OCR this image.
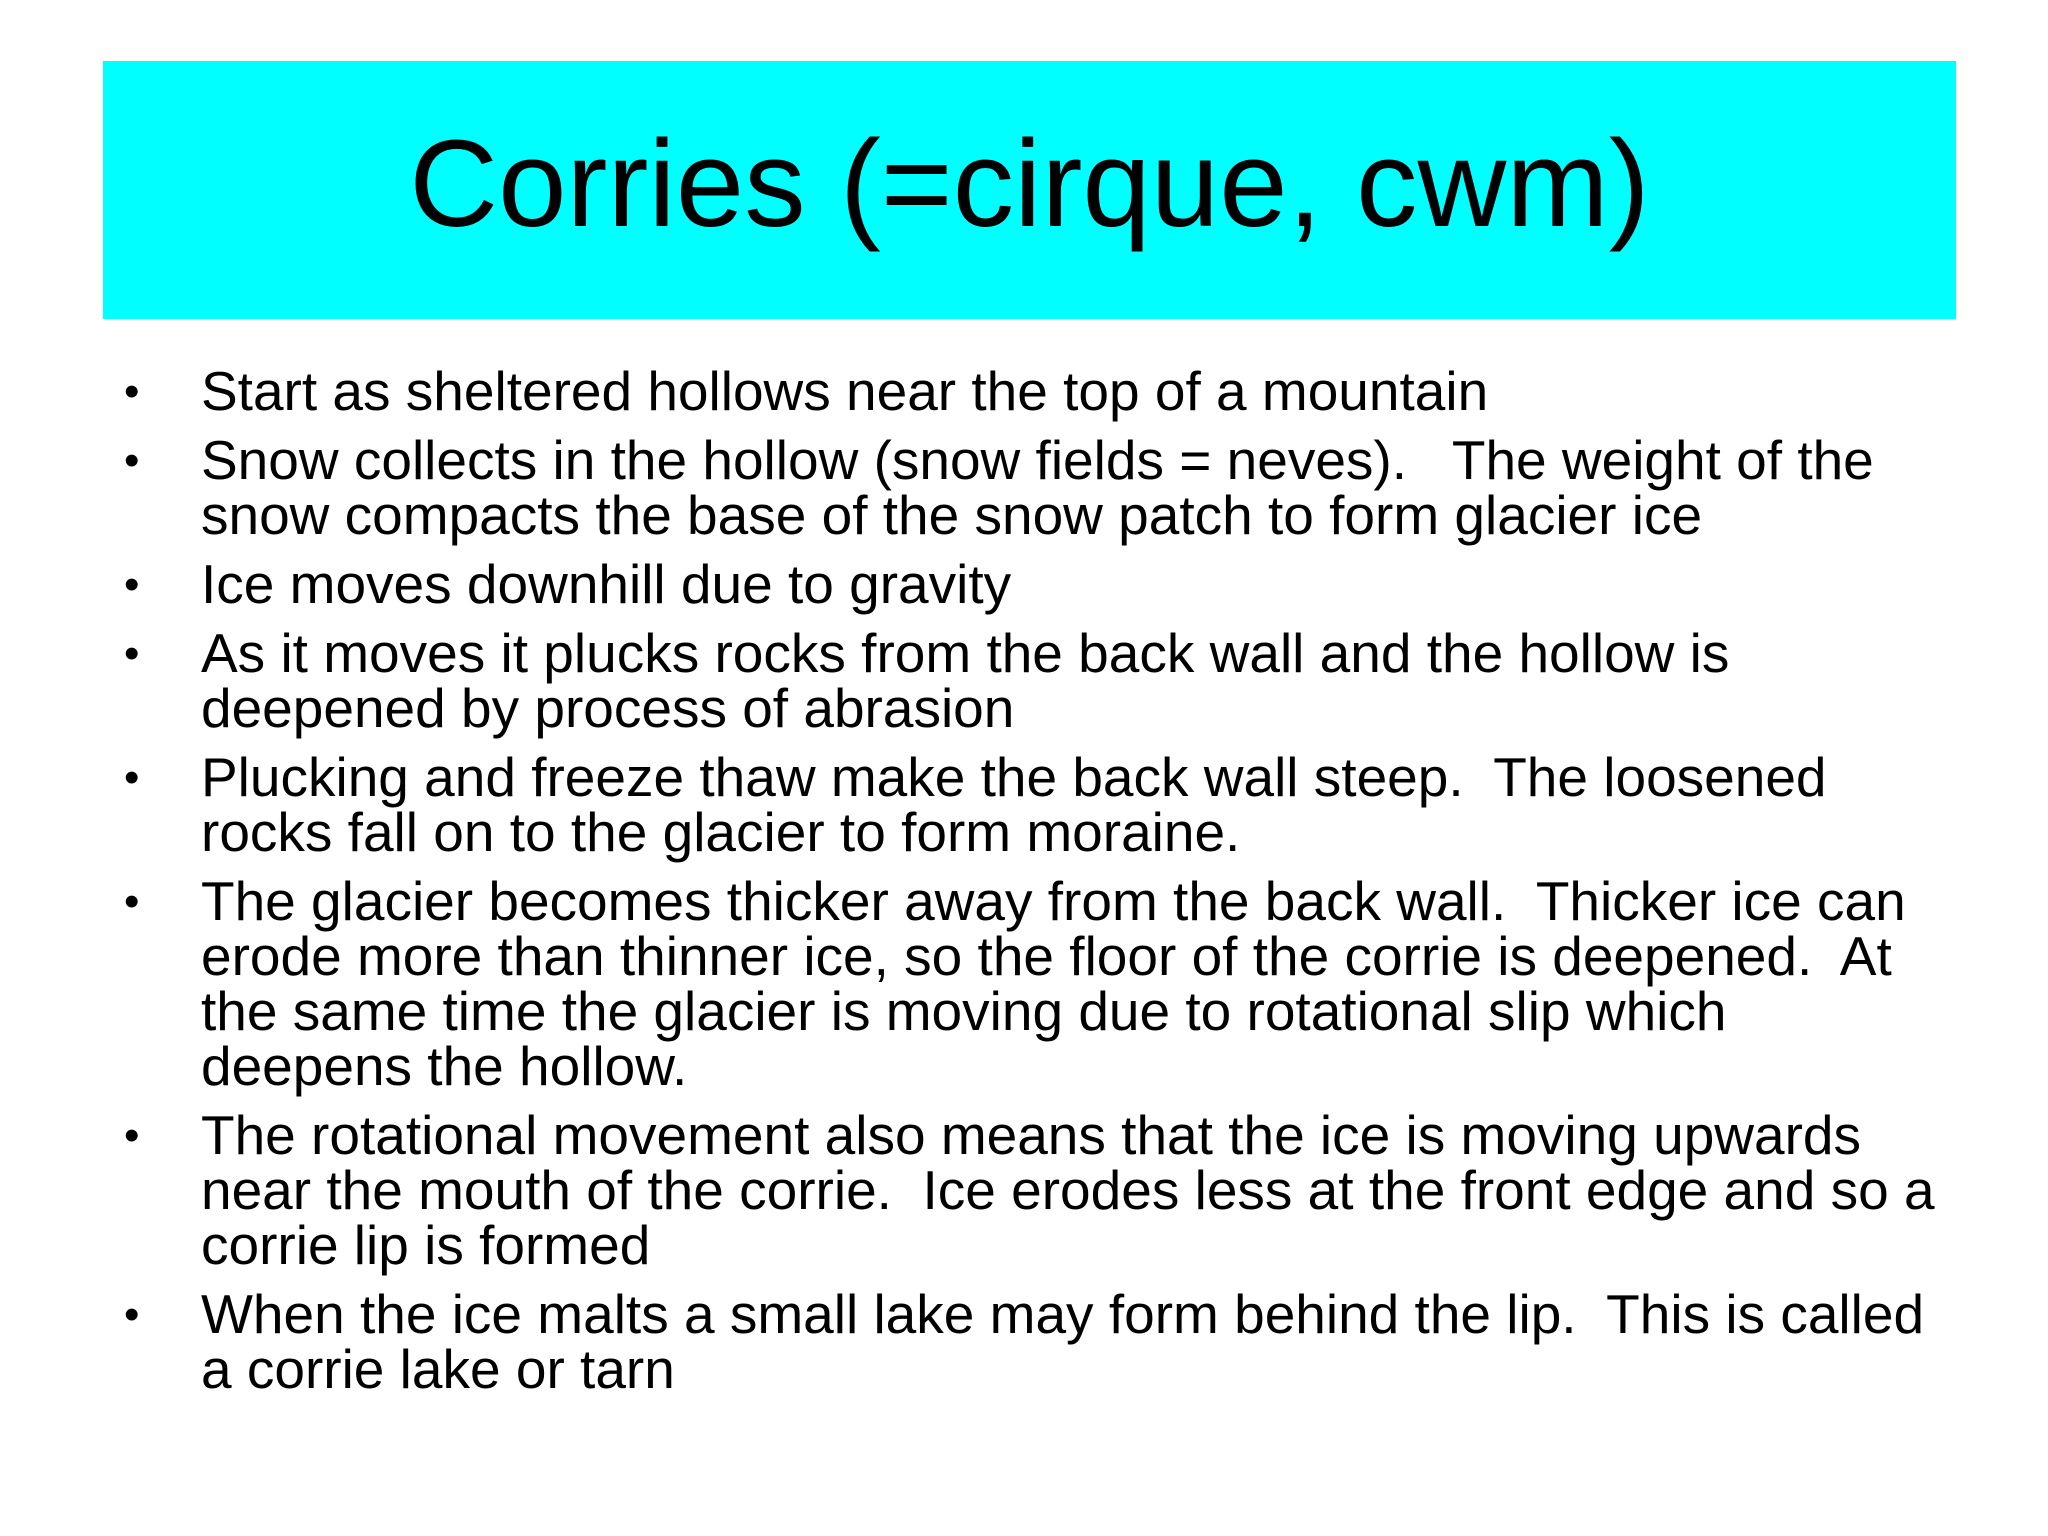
Corries (=cirque, cwm)
• Start as sheltered hollows near the top of a mountain
• Snow collects in the hollow (snow fields = neves).   The weight of the snow compacts the base of the snow patch to form glacier ice
• Ice moves downhill due to gravity
• As it moves it plucks rocks from the back wall and the hollow is deepened by process of abrasion
• Plucking and freeze thaw make the back wall steep.  The loosened rocks fall on to the glacier to form moraine.
• The glacier becomes thicker away from the back wall.  Thicker ice can erode more than thinner ice, so the floor of the corrie is deepened.  At the same time the glacier is moving due to rotational slip which deepens the hollow.
• The rotational movement also means that the ice is moving upwards near the mouth of the corrie.  Ice erodes less at the front edge and so a corrie lip is formed
• When the ice malts a small lake may form behind the lip.  This is called a corrie lake or tarn
